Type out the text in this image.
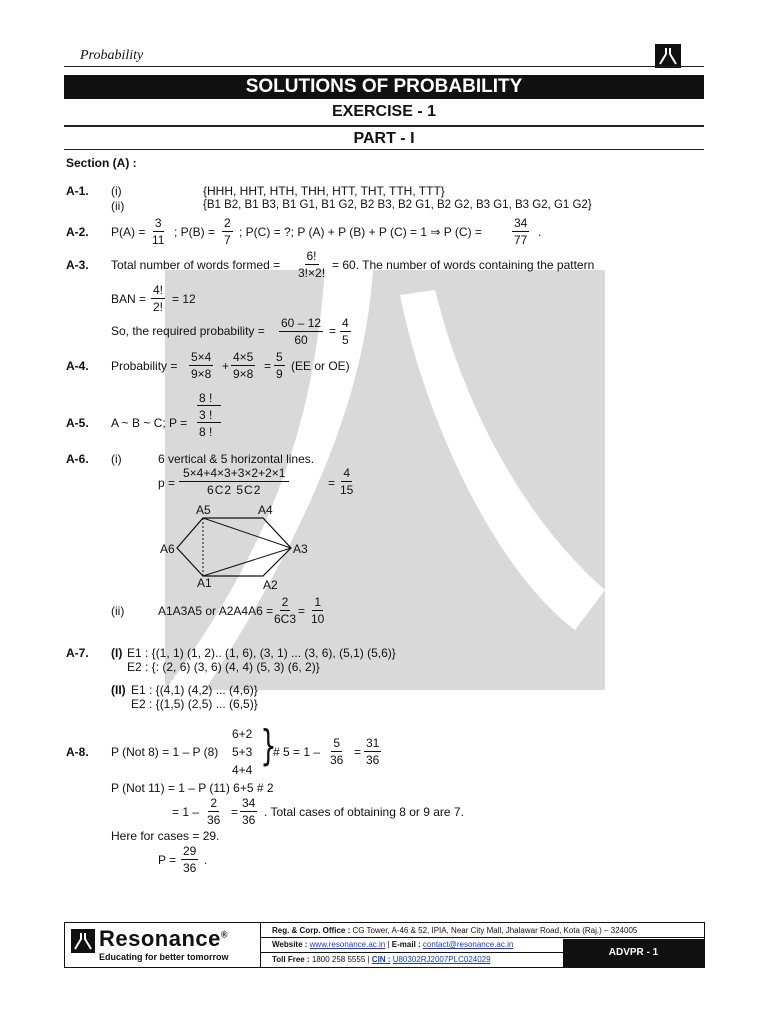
Probability
SOLUTIONS OF PROBABILITY
EXERCISE - 1
PART - I
Section (A) :
A-1. (i)	{HHH, HHT, HTH, THH, HTT, THT, TTH, TTT}
(ii)	{B1 B2, B1 B3, B1 G1, B1 G2, B2 B3, B2 G1, B2 G2, B3 G1, B3 G2, G1 G2}
A-2. $P(A) = \frac{3}{11}$ ; $P(B) = \frac{2}{7}$ ; P(C) = ?; P (A) + P (B) + P (C) = 1 ⇒ P (C) =	$\frac{34}{77}$ .
A-3. Total number of words formed = $\frac{6!}{3!\times 2!} = 60$. The number of words containing the pattern
BAN = $\frac{4!}{2!} = 12$
So, the required probability = $\frac{60 - 12}{60} = \frac{4}{5}$
A-4. Probability = $\frac{5\times 4}{9\times 8} + \frac{4\times 5}{9\times 8} = \frac{5}{9} (EE$ or OE)
A-5. A ~ B ~ C; P =
8 !
3 !
8 !
A-6. (i)	6 vertical & 5 horizontal lines.
$p = \frac{5\times 4+4\times 3+3\times 2+2\times 1}{6C2 5C2}$	= $\frac{4}{15}$
A5	A4
A6	A3
A1	A2
(ii)	A1A3A5 or A2A4A6 =
$\frac{2}{6C3} = \frac{1}{10}$
A-7. (I) E1 : {(1, 1) (1, 2).. (1, 6), (3, 1) ... (3, 6), (5,1) (5,6)}
E2 : {: (2, 6) (3, 6) (4, 4) (5, 3) (6, 2)}
(II) E1 : {(4,1) (4,2) ... (4,6)}
E2 : {(1,5) (2,5) ... (6,5)}
A-8. P (Not 8) = 1 – P (8)
6+2
5+3
4+4 }
# $5 = 1 - \frac{5}{36} = \frac{31}{36}$
P (Not 11) = 1 – P (11) 6+5 # 2
= $1 - \frac{2}{36} = \frac{34}{36}$ . Total cases of obtaining 8 or 9 are 7.
Here for cases = 29.
$P = \frac{29}{36}$ .
Resonance®
Educating for better tomorrow
Reg. & Corp. Office : CG Tower, A-46 & 52, IPIA, Near City Mall, Jhalawar Road, Kota (Raj.) – 324005
Website : www.resonance.ac.in | E-mail : contact@resonance.ac.in
Toll Free : 1800 258 5555 | CIN : U80302RJ2007PLC024029
ADVPR - 1
